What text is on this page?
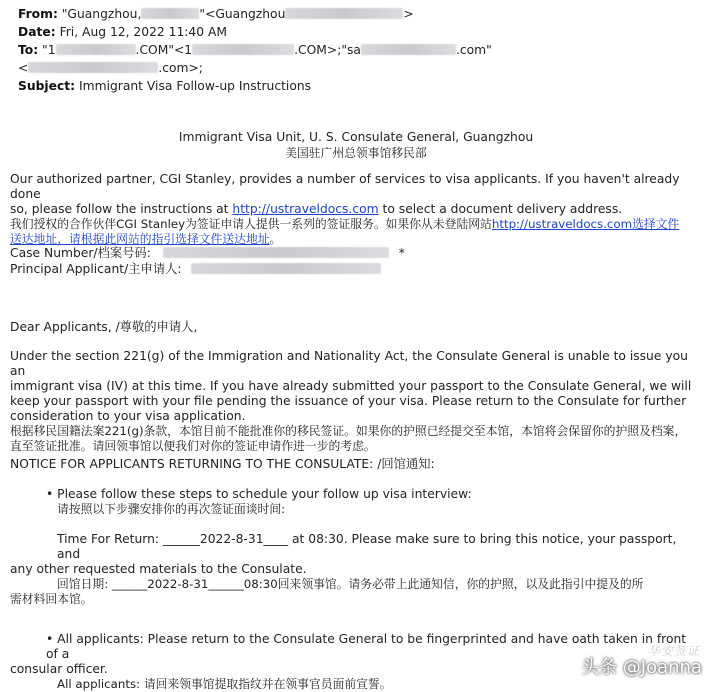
From: "Guangzhou,	"<Guangzhou	>
Date: Fri, Aug 12, 2022 11:40 AM
To: "1	.COM"<1	.COM>;"sa	.com"
<	.com>;
Subject: Immigrant Visa Follow-up Instructions
Immigrant Visa Unit, U. S. Consulate General, Guangzhou
美国驻广州总领事馆移民部
Our authorized partner, CGI Stanley, provides a number of services to visa applicants. If you haven't already done
so, please follow the instructions at http://ustraveldocs.com to select a document delivery address.
我们授权的合作伙伴CGI Stanley为签证申请人提供一系列的签证服务。如果你从未登陆网站http://ustraveldocs.com选择文件
送达地址，请根据此网站的指引选择文件送达地址。
Case Number/档案号码:	*
Principal Applicant/主申请人:
Dear Applicants, /尊敬的申请人,
Under the section 221(g) of the Immigration and Nationality Act, the Consulate General is unable to issue you an
immigrant visa (IV) at this time. If you have already submitted your passport to the Consulate General, we will
keep your passport with your file pending the issuance of your visa. Please return to the Consulate for further
consideration to your visa application.
根据移民国籍法案221(g)条款，本馆目前不能批准你的移民签证。如果你的护照已经提交至本馆，本馆将会保留你的护照及档案，
直至签证批准。请回领事馆以便我们对你的签证申请作进一步的考虑。
NOTICE FOR APPLICANTS RETURNING TO THE CONSULATE: /回馆通知:
• Please follow these steps to schedule your follow up visa interview:
请按照以下步骤安排你的再次签证面谈时间:
Time For Return: ______2022-8-31____ at 08:30. Please make sure to bring this notice, your passport, and
any other requested materials to the Consulate.
回馆日期: ______2022-8-31______08:30回来领事馆。请务必带上此通知信，你的护照，以及此指引中提及的所
需材料回本馆。
• All applicants: Please return to the Consulate General to be fingerprinted and have oath taken in front of a
consular officer.
All applicants: 请回来领事馆提取指纹并在领事官员面前宣誓。
华安签证
头条 @Joanna
